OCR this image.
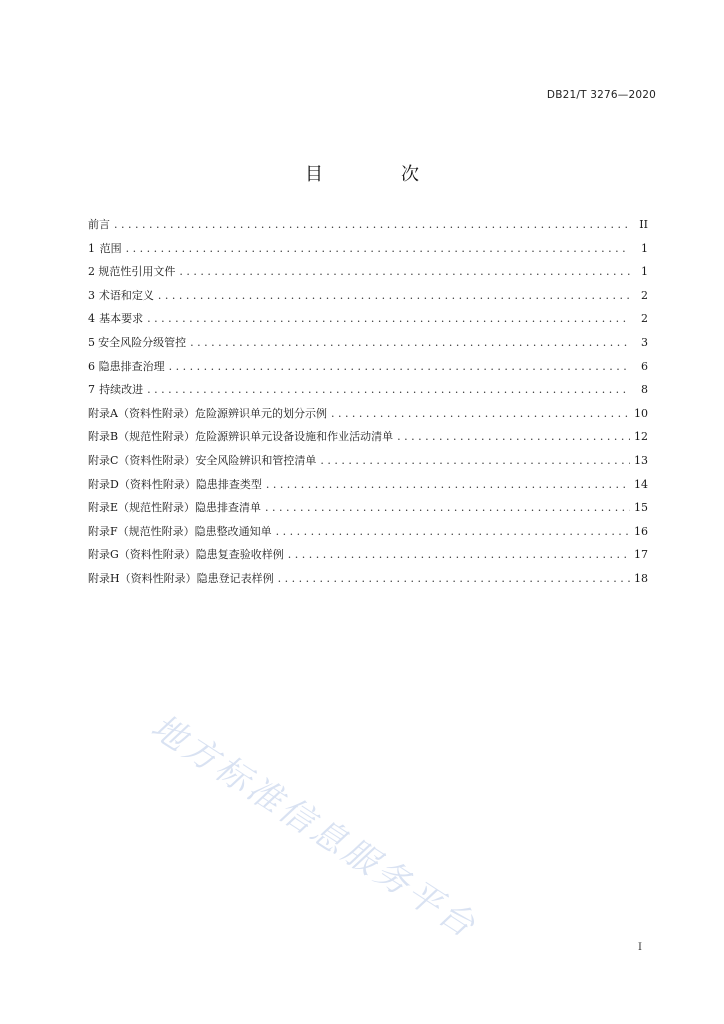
DB21/T 3276—2020
目　次
前言 . . .	II
1 范围 . . .	1
2 规范性引用文件 . . .	1
3 术语和定义 . . .	2
4 基本要求 . . .	2
5 安全风险分级管控 . . .	3
6 隐患排查治理 . . .	6
7 持续改进 . . .	8
附录A（资料性附录） 危险源辨识单元的划分示例 . . .	10
附录B（规范性附录） 危险源辨识单元设备设施和作业活动清单 . . .	12
附录C（资料性附录） 安全风险辨识和管控清单 . . .	13
附录D（资料性附录） 隐患排查类型 . . .	14
附录E（规范性附录） 隐患排查清单 . . .	15
附录F（规范性附录） 隐患整改通知单 . . .	16
附录G（资料性附录） 隐患复查验收样例 . . .	17
附录H（资料性附录） 隐患登记表样例 . . .	18
地方标准信息服务平台
I
